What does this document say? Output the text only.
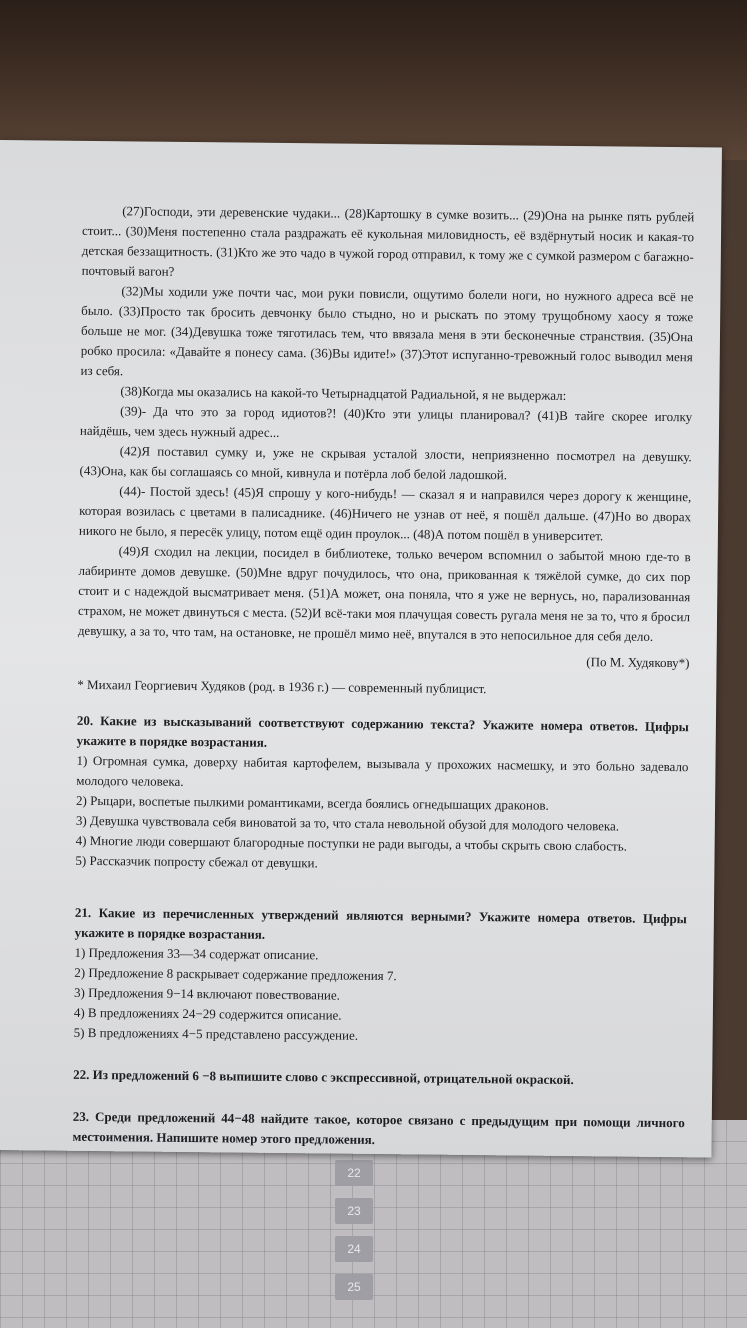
22
23
24
25

(27)Господи, эти деревенские чудаки... (28)Картошку в сумке возить... (29)Она на рынке пять рублей стоит... (30)Меня постепенно стала раздражать её кукольная миловидность, её вздёрнутый носик и какая-то детская беззащитность. (31)Кто же это чадо в чужой город отправил, к тому же с сумкой размером с багажно-почтовый вагон?

(32)Мы ходили уже почти час, мои руки повисли, ощутимо болели ноги, но нужного адреса всё не было. (33)Просто так бросить девчонку было стыдно, но и рыскать по этому трущобному хаосу я тоже больше не мог. (34)Девушка тоже тяготилась тем, что ввязала меня в эти бесконечные странствия. (35)Она робко просила: «Давайте я понесу сама. (36)Вы идите!» (37)Этот испуганно-тревожный голос выводил меня из себя.

(38)Когда мы оказались на какой-то Четырнадцатой Радиальной, я не выдержал:

(39)- Да что это за город идиотов?! (40)Кто эти улицы планировал? (41)В тайге скорее иголку найдёшь, чем здесь нужный адрес...

(42)Я поставил сумку и, уже не скрывая усталой злости, неприязненно посмотрел на девушку. (43)Она, как бы соглашаясь со мной, кивнула и потёрла лоб белой ладошкой.

(44)- Постой здесь! (45)Я спрошу у кого-нибудь! — сказал я и направился через дорогу к женщине, которая возилась с цветами в палисаднике. (46)Ничего не узнав от неё, я пошёл дальше. (47)Но во дворах никого не было, я пересёк улицу, потом ещё один проулок... (48)А потом пошёл в университет.

(49)Я сходил на лекции, посидел в библиотеке, только вечером вспомнил о забытой мною где-то в лабиринте домов девушке. (50)Мне вдруг почудилось, что она, прикованная к тяжёлой сумке, до сих пор стоит и с надеждой высматривает меня. (51)А может, она поняла, что я уже не вернусь, но, парализованная страхом, не может двинуться с места. (52)И всё-таки моя плачущая совесть ругала меня не за то, что я бросил девушку, а за то, что там, на остановке, не прошёл мимо неё, впутался в это непосильное для себя дело.

(По М. Худякову*)

* Михаил Георгиевич Худяков (род. в 1936 г.) — современный публицист.

20. Какие из высказываний соответствуют содержанию текста? Укажите номера ответов. Цифры укажите в порядке возрастания.

1) Огромная сумка, доверху набитая картофелем, вызывала у прохожих насмешку, и это больно задевало молодого человека.

2) Рыцари, воспетые пылкими романтиками, всегда боялись огнедышащих драконов.

3) Девушка чувствовала себя виноватой за то, что стала невольной обузой для молодого человека.

4) Многие люди совершают благородные поступки не ради выгоды, а чтобы скрыть свою слабость.

5) Рассказчик попросту сбежал от девушки.

21. Какие из перечисленных утверждений являются верными? Укажите номера ответов. Цифры укажите в порядке возрастания.

1) Предложения 33—34 содержат описание.

2) Предложение 8 раскрывает содержание предложения 7.

3) Предложения 9−14 включают повествование.

4) В предложениях 24−29 содержится описание.

5) В предложениях 4−5 представлено рассуждение.

22. Из предложений 6 −8 выпишите слово с экспрессивной, отрицательной окраской.

23. Среди предложений 44−48 найдите такое, которое связано с предыдущим при помощи личного местоимения. Напишите номер этого предложения.
